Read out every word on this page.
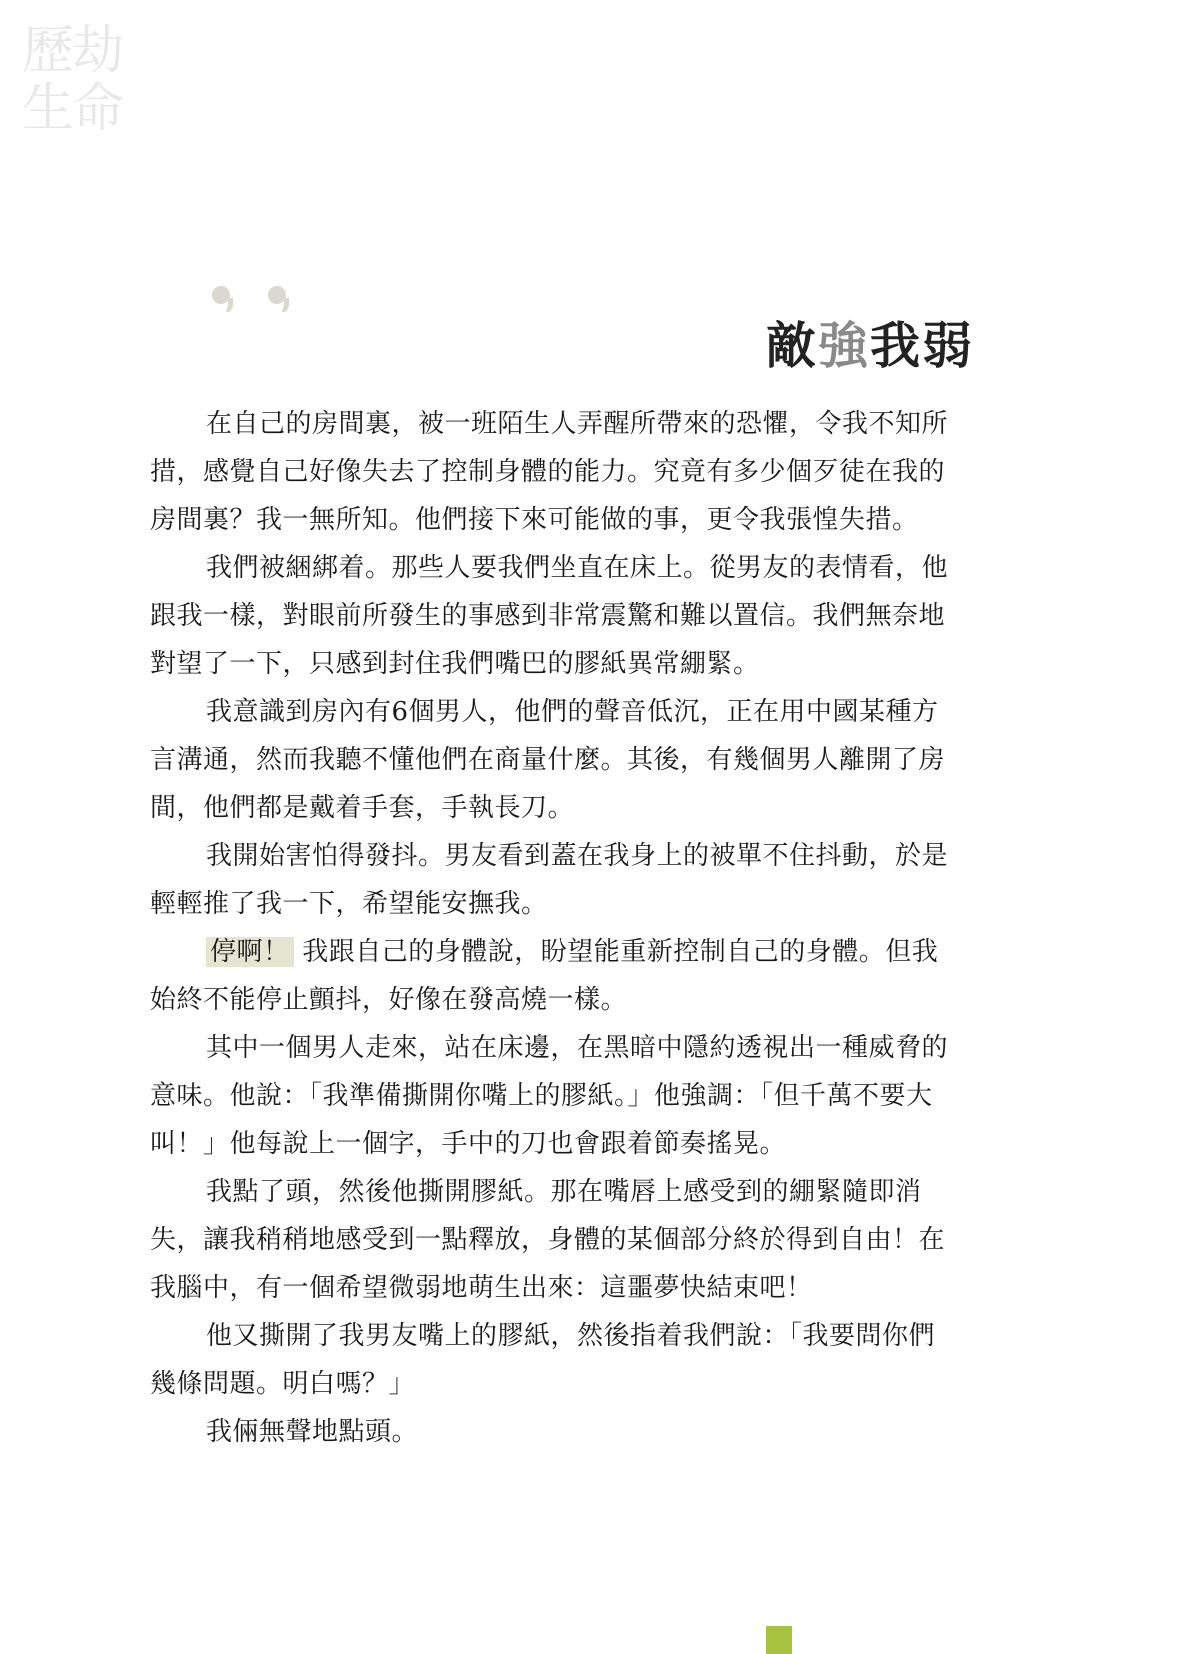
歷劫
生命
敵強我弱
在自己的房間裏，被一班陌生人弄醒所帶來的恐懼，令我不知所
措，感覺自己好像失去了控制身體的能力。究竟有多少個歹徒在我的
房間裏？我一無所知。他們接下來可能做的事，更令我張惶失措。
我們被綑綁着。那些人要我們坐直在床上。從男友的表情看，他
跟我一樣，對眼前所發生的事感到非常震驚和難以置信。我們無奈地
對望了一下，只感到封住我們嘴巴的膠紙異常綳緊。
我意識到房內有6個男人，他們的聲音低沉，正在用中國某種方
言溝通，然而我聽不懂他們在商量什麼。其後，有幾個男人離開了房
間，他們都是戴着手套，手執長刀。
我開始害怕得發抖。男友看到蓋在我身上的被單不住抖動，於是
輕輕推了我一下，希望能安撫我。
停啊！ 我跟自己的身體說，盼望能重新控制自己的身體。但我
始終不能停止顫抖，好像在發高燒一樣。
其中一個男人走來，站在床邊，在黑暗中隱約透視出一種威脅的
意味。他說：「我準備撕開你嘴上的膠紙。」他強調：「但千萬不要大
叫！」他每說上一個字，手中的刀也會跟着節奏搖晃。
我點了頭，然後他撕開膠紙。那在嘴唇上感受到的綳緊隨即消
失，讓我稍稍地感受到一點釋放，身體的某個部分終於得到自由！在
我腦中，有一個希望微弱地萌生出來：這噩夢快結束吧！
他又撕開了我男友嘴上的膠紙，然後指着我們說：「我要問你們
幾條問題。明白嗎？」
我倆無聲地點頭。
